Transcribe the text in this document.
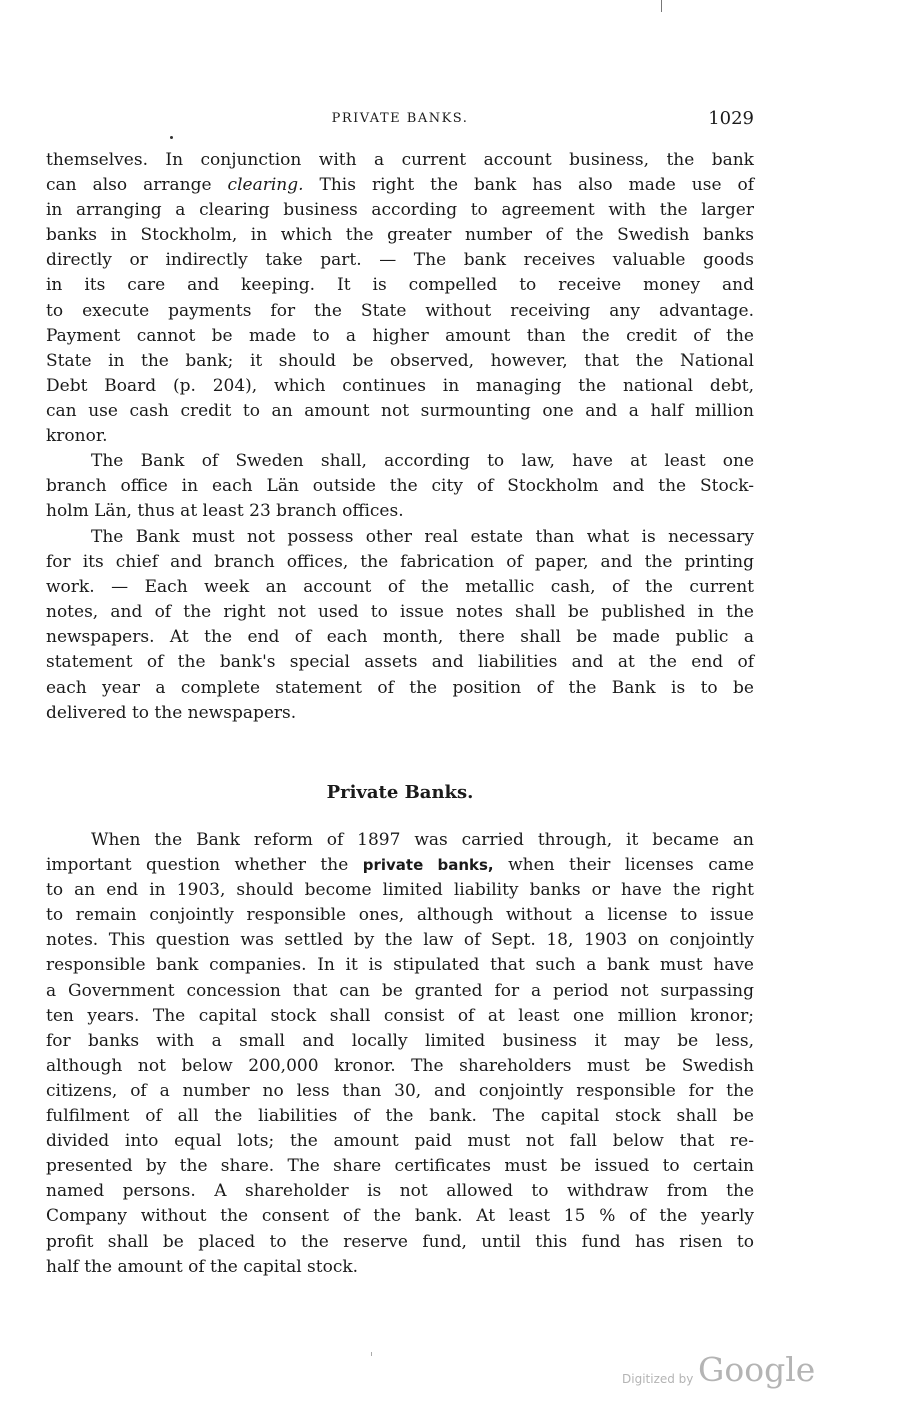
PRIVATE BANKS.	1029
themselves. In conjunction with a current account business, the bank
can also arrange clearing. This right the bank has also made use of
in arranging a clearing business according to agreement with the larger
banks in Stockholm, in which the greater number of the Swedish banks
directly or indirectly take part. — The bank receives valuable goods
in its care and keeping. It is compelled to receive money and
to execute payments for the State without receiving any advantage.
Payment cannot be made to a higher amount than the credit of the
State in the bank; it should be observed, however, that the National
Debt Board (p. 204), which continues in managing the national debt,
can use cash credit to an amount not surmounting one and a half million
kronor.
The Bank of Sweden shall, according to law, have at least one
branch office in each Län outside the city of Stockholm and the Stock-
holm Län, thus at least 23 branch offices.
The Bank must not possess other real estate than what is necessary
for its chief and branch offices, the fabrication of paper, and the printing
work. — Each week an account of the metallic cash, of the current
notes, and of the right not used to issue notes shall be published in the
newspapers. At the end of each month, there shall be made public a
statement of the bank's special assets and liabilities and at the end of
each year a complete statement of the position of the Bank is to be
delivered to the newspapers.
Private Banks.
When the Bank reform of 1897 was carried through, it became an
important question whether the private banks, when their licenses came
to an end in 1903, should become limited liability banks or have the right
to remain conjointly responsible ones, although without a license to issue
notes. This question was settled by the law of Sept. 18, 1903 on conjointly
responsible bank companies. In it is stipulated that such a bank must have
a Government concession that can be granted for a period not surpassing
ten years. The capital stock shall consist of at least one million kronor;
for banks with a small and locally limited business it may be less,
although not below 200,000 kronor. The shareholders must be Swedish
citizens, of a number no less than 30, and conjointly responsible for the
fulfilment of all the liabilities of the bank. The capital stock shall be
divided into equal lots; the amount paid must not fall below that re-
presented by the share. The share certificates must be issued to certain
named persons. A shareholder is not allowed to withdraw from the
Company without the consent of the bank. At least 15 % of the yearly
profit shall be placed to the reserve fund, until this fund has risen to
half the amount of the capital stock.
Digitized by Google
